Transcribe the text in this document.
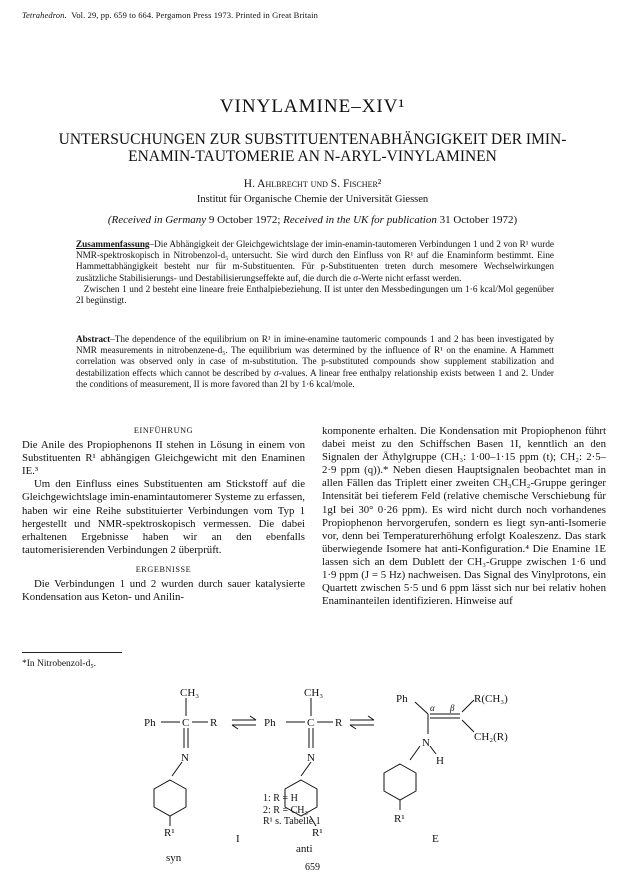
Tetrahedron. Vol. 29, pp. 659 to 664. Pergamon Press 1973. Printed in Great Britain
VINYLAMINE–XIV¹
UNTERSUCHUNGEN ZUR SUBSTITUENTENABHÄNGIGKEIT DER IMIN-ENAMIN-TAUTOMERIE AN N-ARYL-VINYLAMINEN
H. Ahlbrecht und S. Fischer²
Institut für Organische Chemie der Universität Giessen
(Received in Germany 9 October 1972; Received in the UK for publication 31 October 1972)
Zusammenfassung–Die Abhängigkeit der Gleichgewichtslage der imin-enamin-tautomeren Verbindungen 1 und 2 von R¹ wurde NMR-spektroskopisch in Nitrobenzol-d₅ untersucht. Sie wird durch den Einfluss von R¹ auf die Enaminform bestimmt. Eine Hammettabhängigkeit besteht nur für m-Substituenten. Für p-Substituenten treten durch mesomere Wechselwirkungen zusätzliche Stabilisierungs- und Destabilisierungseffekte auf, die durch die σ-Werte nicht erfasst werden.
Zwischen 1 und 2 besteht eine lineare freie Enthalpiebeziehung. II ist unter den Messbedingungen um 1·6 kcal/Mol gegenüber 2I begünstigt.
Abstract–The dependence of the equilibrium on R¹ in imine-enamine tautomeric compounds 1 and 2 has been investigated by NMR measurements in nitrobenzene-d₅. The equilibrium was determined by the influence of R¹ on the enamine. A Hammett correlation was observed only in case of m-substitution. The p-substituted compounds show supplement stabilization and destabilization effects which cannot be described by σ-values. A linear free enthalpy relationship exists between 1 and 2. Under the conditions of measurement, II is more favored than 2I by 1·6 kcal/mole.
EINFÜHRUNG
Die Anile des Propiophenons II stehen in Lösung in einem von Substituenten R¹ abhängigen Gleichgewicht mit den Enaminen IE.³
Um den Einfluss eines Substituenten am Stickstoff auf die Gleichgewichtslage imin-enamintautomerer Systeme zu erfassen, haben wir eine Reihe substituierter Verbindungen vom Typ 1 hergestellt und NMR-spektroskopisch vermessen. Die dabei erhaltenen Ergebnisse haben wir an den ebenfalls tautomerisierenden Verbindungen 2 überprüft.
ERGEBNISSE
Die Verbindungen 1 und 2 wurden durch sauer katalysierte Kondensation aus Keton- und Anilin-
*In Nitrobenzol-d₅.
komponente erhalten. Die Kondensation mit Propiophenon führt dabei meist zu den Schiffschen Basen 1I, kenntlich an den Signalen der Äthylgruppe (CH₃: 1·00–1·15 ppm (t); CH₂: 2·5–2·9 ppm (q)).* Neben diesen Hauptsignalen beobachtet man in allen Fällen das Triplett einer zweiten CH₃CH₂-Gruppe geringer Intensität bei tieferem Feld (relative chemische Verschiebung für 1gI bei 30° 0·26 ppm). Es wird nicht durch noch vorhandenes Propiophenon hervorgerufen, sondern es liegt syn-anti-Isomerie vor, denn bei Temperaturerhöhung erfolgt Koaleszenz. Das stark überwiegende Isomere hat anti-Konfiguration.⁴ Die Enamine 1E lassen sich an dem Dublett der CH₃-Gruppe zwischen 1·6 und 1·9 ppm (J = 5 Hz) nachweisen. Das Signal des Vinylprotons, ein Quartett zwischen 5·5 und 6 ppm lässt sich nur bei relativ hohen Enaminanteilen identifizieren. Hinweise auf
CH₃
Ph C R
N
R¹
CH₃
Ph	C R
N
R¹
Ph
α β
R(CH₃)
CH₂(R)
N
H
R¹
syn
I
anti
E
1: R = H
2: R = CH₃
R¹ s. Tabelle 1
659
